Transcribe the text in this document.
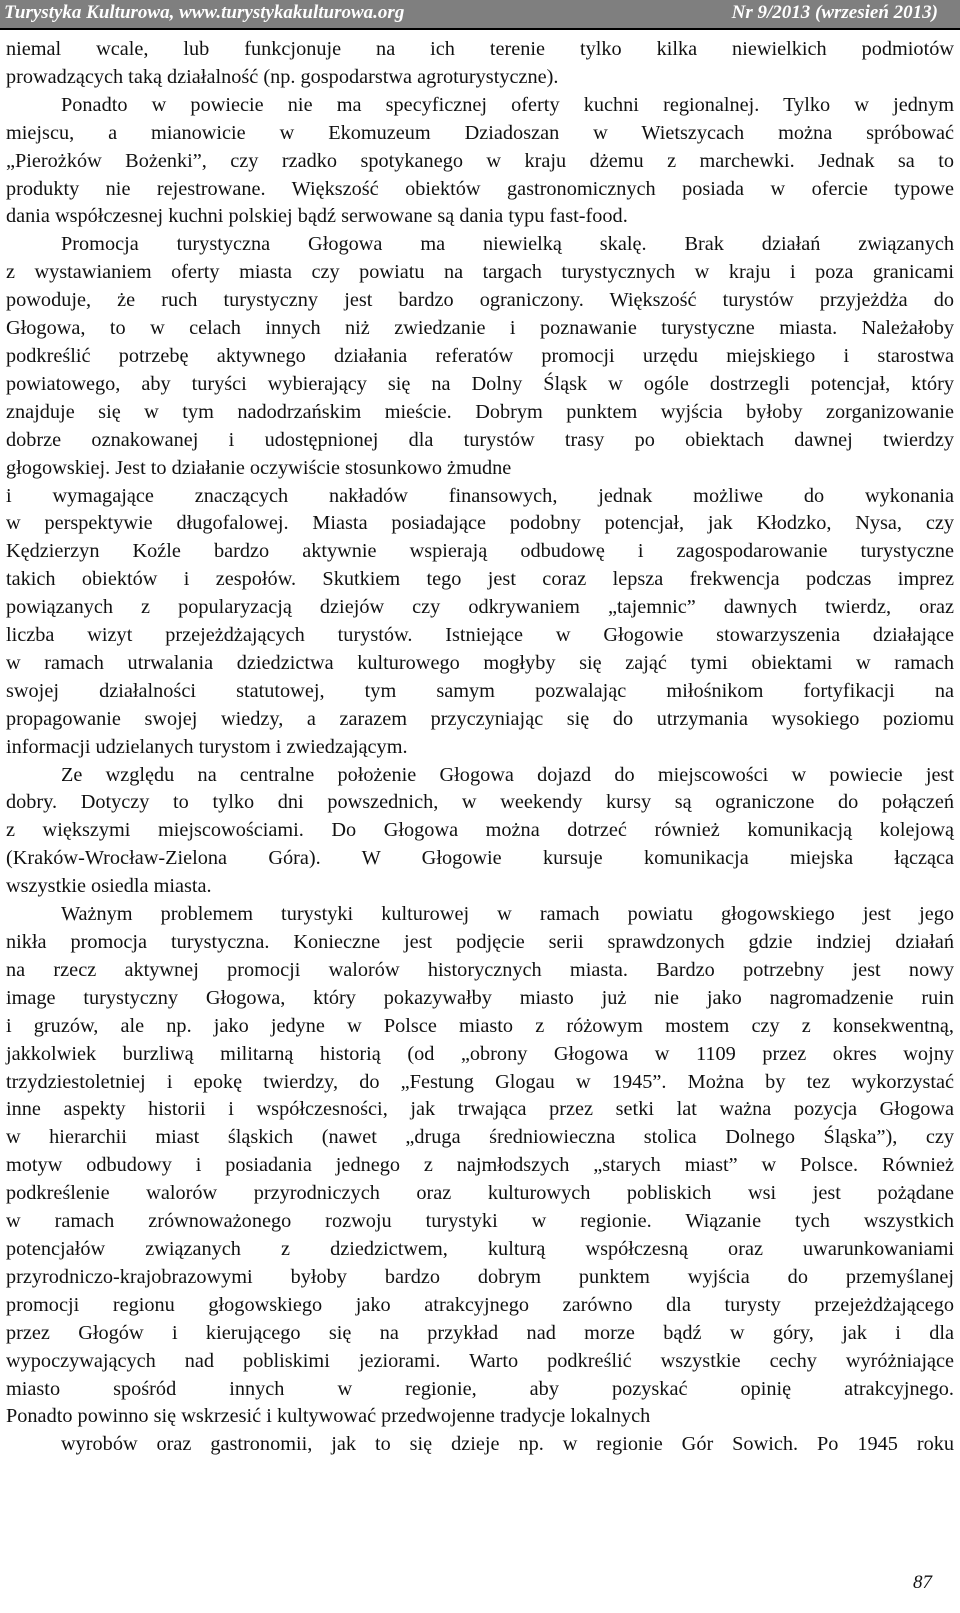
Turystyka Kulturowa, www.turystykakulturowa.org	Nr 9/2013 (wrzesień 2013)
niemal wcale, lub funkcjonuje na ich terenie tylko kilka niewielkich podmiotów
prowadzących taką działalność (np. gospodarstwa agroturystyczne).
Ponadto w powiecie nie ma specyficznej oferty kuchni regionalnej. Tylko w jednym
miejscu, a mianowicie w Ekomuzeum Dziadoszan w Wietszycach można spróbować
„Pierożków Bożenki”, czy rzadko spotykanego w kraju dżemu z marchewki. Jednak sa to
produkty nie rejestrowane. Większość obiektów gastronomicznych posiada w ofercie typowe
dania współczesnej kuchni polskiej bądź serwowane są dania typu fast-food.
Promocja turystyczna Głogowa ma niewielką skalę. Brak działań związanych
z wystawianiem oferty miasta czy powiatu na targach turystycznych w kraju i poza granicami
powoduje, że ruch turystyczny jest bardzo ograniczony. Większość turystów przyjeżdża do
Głogowa, to w celach innych niż zwiedzanie i poznawanie turystyczne miasta. Należałoby
podkreślić potrzebę aktywnego działania referatów promocji urzędu miejskiego i starostwa
powiatowego, aby turyści wybierający się na Dolny Śląsk w ogóle dostrzegli potencjał, który
znajduje się w tym nadodrzańskim mieście. Dobrym punktem wyjścia byłoby zorganizowanie
dobrze oznakowanej i udostępnionej dla turystów trasy po obiektach dawnej twierdzy
głogowskiej. Jest to działanie oczywiście stosunkowo żmudne
i wymagające znaczących nakładów finansowych, jednak możliwe do wykonania
w perspektywie długofalowej. Miasta posiadające podobny potencjał, jak Kłodzko, Nysa, czy
Kędzierzyn Koźle bardzo aktywnie wspierają odbudowę i zagospodarowanie turystyczne
takich obiektów i zespołów. Skutkiem tego jest coraz lepsza frekwencja podczas imprez
powiązanych z popularyzacją dziejów czy odkrywaniem „tajemnic” dawnych twierdz, oraz
liczba wizyt przejeżdżających turystów. Istniejące w Głogowie stowarzyszenia działające
w ramach utrwalania dziedzictwa kulturowego mogłyby się zająć tymi obiektami w ramach
swojej działalności statutowej, tym samym pozwalając miłośnikom fortyfikacji na
propagowanie swojej wiedzy, a zarazem przyczyniając się do utrzymania wysokiego poziomu
informacji udzielanych turystom i zwiedzającym.
Ze względu na centralne położenie Głogowa dojazd do miejscowości w powiecie jest
dobry. Dotyczy to tylko dni powszednich, w weekendy kursy są ograniczone do połączeń
z większymi miejscowościami. Do Głogowa można dotrzeć również komunikacją kolejową
(Kraków-Wrocław-Zielona Góra). W Głogowie kursuje komunikacja miejska łącząca
wszystkie osiedla miasta.
Ważnym problemem turystyki kulturowej w ramach powiatu głogowskiego jest jego
nikła promocja turystyczna. Konieczne jest podjęcie serii sprawdzonych gdzie indziej działań
na rzecz aktywnej promocji walorów historycznych miasta. Bardzo potrzebny jest nowy
image turystyczny Głogowa, który pokazywałby miasto już nie jako nagromadzenie ruin
i gruzów, ale np. jako jedyne w Polsce miasto z różowym mostem czy z konsekwentną,
jakkolwiek burzliwą militarną historią (od „obrony Głogowa w 1109 przez okres wojny
trzydziestoletniej i epokę twierdzy, do „Festung Glogau w 1945”. Można by tez wykorzystać
inne aspekty historii i współczesności, jak trwająca przez setki lat ważna pozycja Głogowa
w hierarchii miast śląskich (nawet „druga średniowieczna stolica Dolnego Śląska”), czy
motyw odbudowy i posiadania jednego z najmłodszych „starych miast” w Polsce. Również
podkreślenie walorów przyrodniczych oraz kulturowych pobliskich wsi jest pożądane
w ramach zrównoważonego rozwoju turystyki w regionie. Wiązanie tych wszystkich
potencjałów związanych z dziedzictwem, kulturą współczesną oraz uwarunkowaniami
przyrodniczo-krajobrazowymi byłoby bardzo dobrym punktem wyjścia do przemyślanej
promocji regionu głogowskiego jako atrakcyjnego zarówno dla turysty przejeżdżającego
przez Głogów i kierującego się na przykład nad morze bądź w góry, jak i dla
wypoczywających nad pobliskimi jeziorami. Warto podkreślić wszystkie cechy wyróżniające
miasto spośród innych w regionie, aby pozyskać opinię atrakcyjnego.
Ponadto powinno się wskrzesić i kultywować przedwojenne tradycje lokalnych
wyrobów oraz gastronomii, jak to się dzieje np. w regionie Gór Sowich. Po 1945 roku
87
